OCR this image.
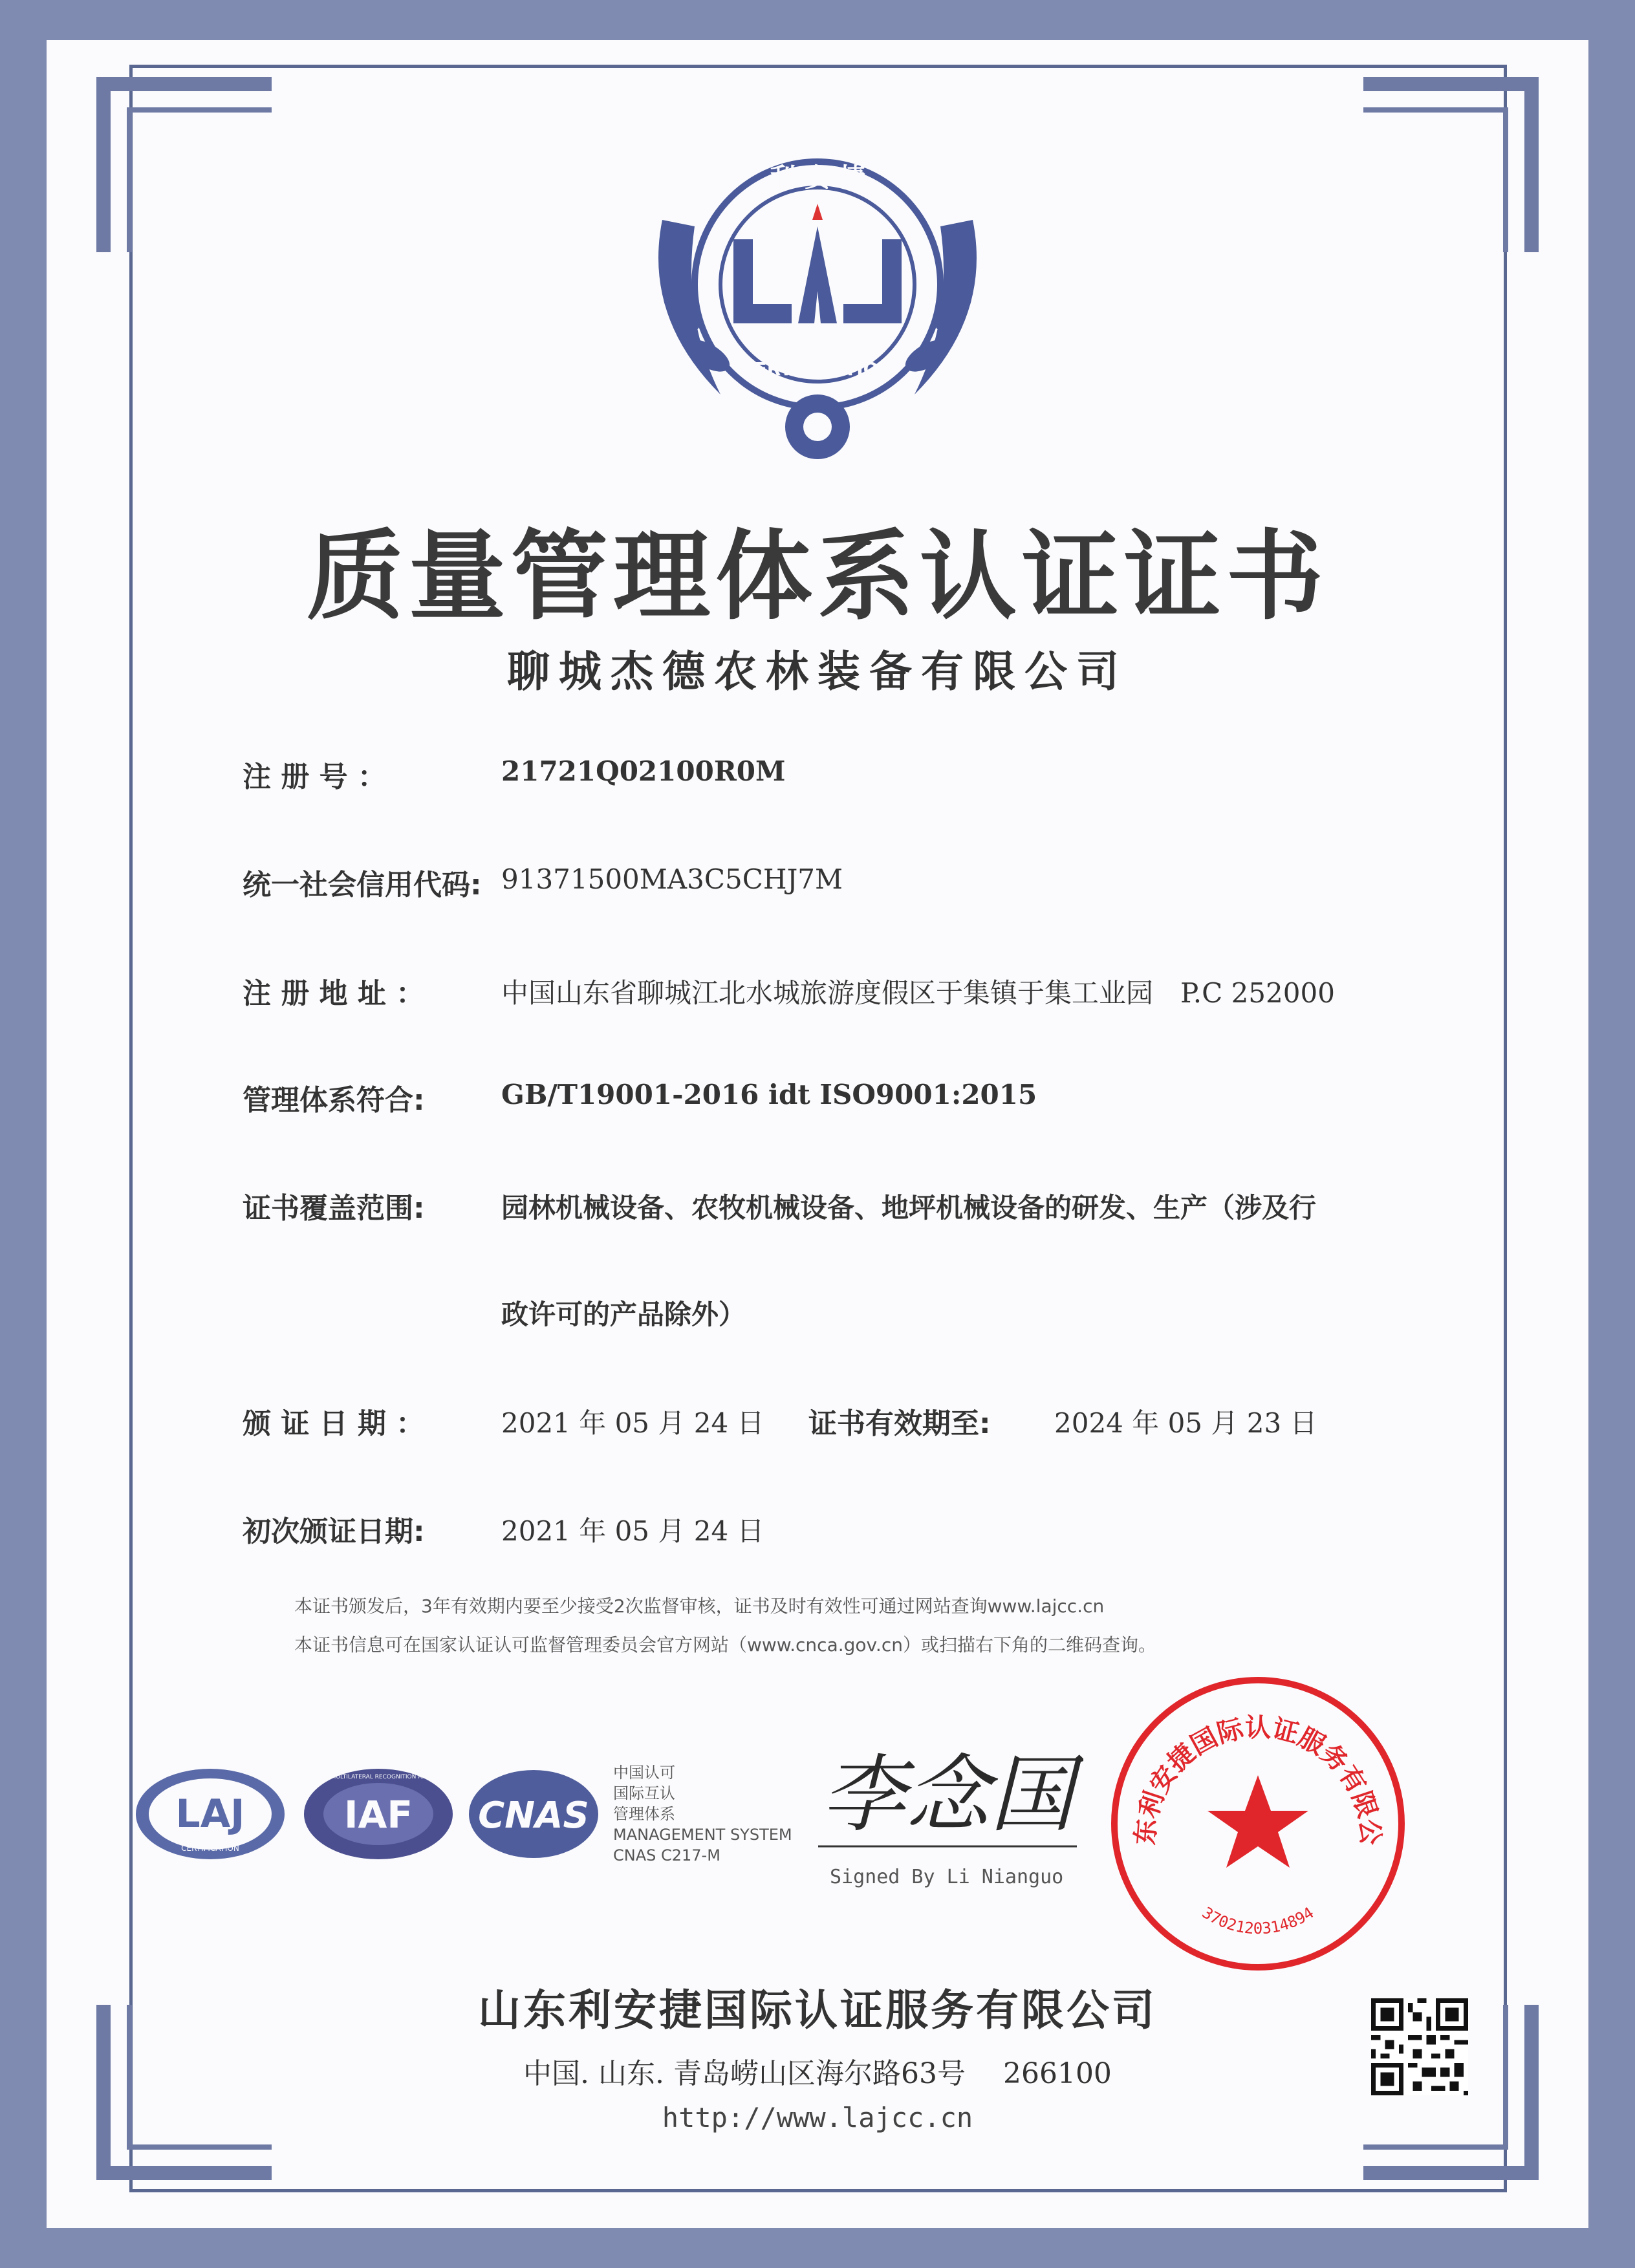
利 安 捷
CERTIFICATION
质量管理体系认证证书
聊城杰德农林装备有限公司
注 册 号 ：	21721Q02100R0M
统一社会信用代码: 91371500MA3C5CHJ7M
注 册 地 址 ：	中国山东省聊城江北水城旅游度假区于集镇于集工业园　P.C 252000
管理体系符合:	GB/T19001-2016 idt ISO9001:2015
证书覆盖范围:	园林机械设备、农牧机械设备、地坪机械设备的研发、生产（涉及行
政许可的产品除外）
颁 证 日 期 ：	2021 年 05 月 24 日 证书有效期至: 2024 年 05 月 23 日
初次颁证日期:	2021 年 05 月 24 日
本证书颁发后，3年有效期内要至少接受2次监督审核，证书及时有效性可通过网站查询www.lajcc.cn
本证书信息可在国家认证认可监督管理委员会官方网站（www.cnca.gov.cn）或扫描右下角的二维码查询。
LAJ
CERTIFICATION
IAF
MEMBER OF MULTILATERAL RECOGNITION ARRANGEMENT
CNAS
中国认可
国际互认
管理体系
MANAGEMENT SYSTEM
CNAS C217-M
李念国
Signed By Li Nianguo
东利安捷国际认证服务有限公
3702120314894
山东利安捷国际认证服务有限公司
中国. 山东. 青岛崂山区海尔路63号　 266100
http://www.lajcc.cn
